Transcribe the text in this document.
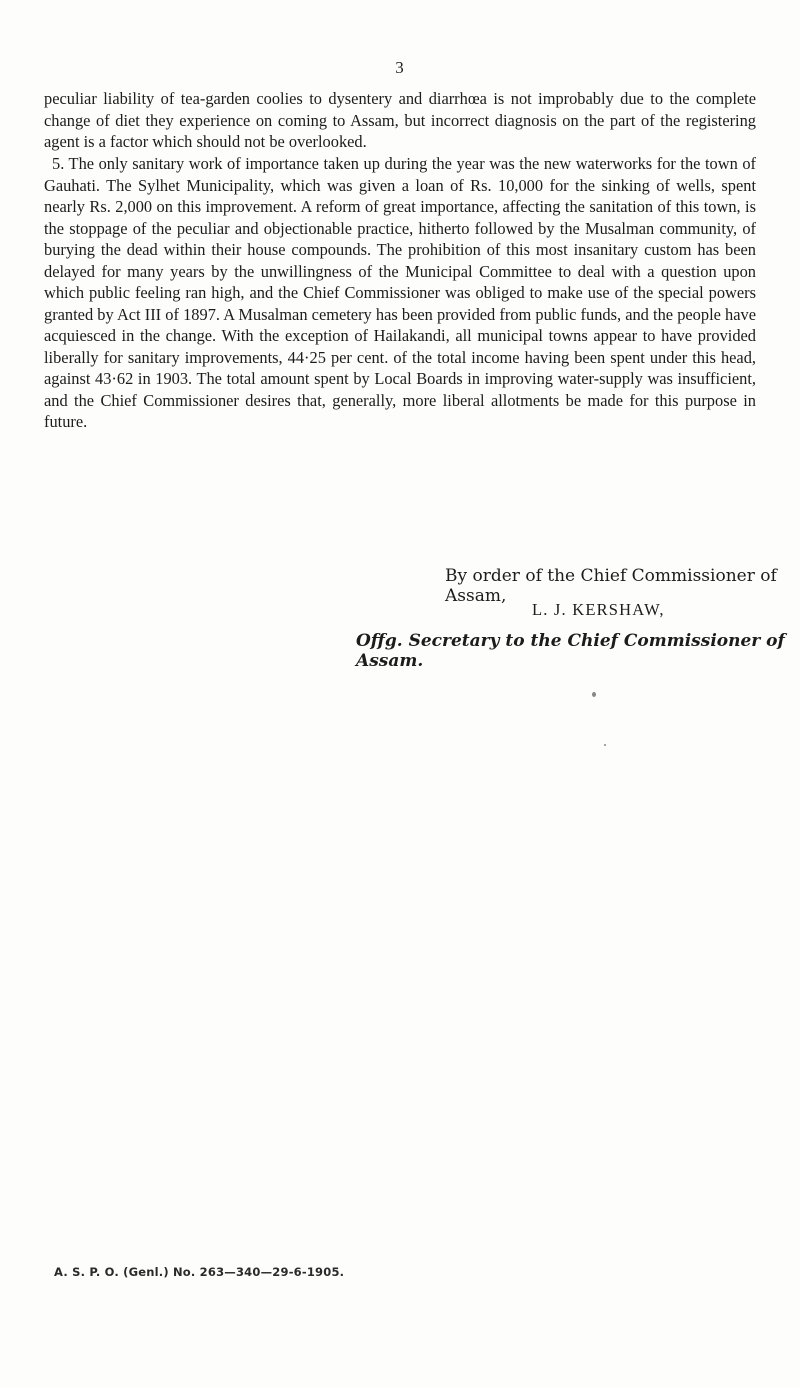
3

peculiar liability of tea-garden coolies to dysentery and diarrhœa is not improbably due to the complete change of diet they experience on coming to Assam, but incorrect diagnosis on the part of the registering agent is a factor which should not be overlooked.

5. The only sanitary work of importance taken up during the year was the new waterworks for the town of Gauhati. The Sylhet Municipality, which was given a loan of Rs. 10,000 for the sinking of wells, spent nearly Rs. 2,000 on this improvement. A reform of great importance, affecting the sanitation of this town, is the stoppage of the peculiar and objectionable practice, hitherto followed by the Musalman community, of burying the dead within their house compounds. The prohibition of this most insanitary custom has been delayed for many years by the unwillingness of the Municipal Committee to deal with a question upon which public feeling ran high, and the Chief Commissioner was obliged to make use of the special powers granted by Act III of 1897. A Musalman cemetery has been provided from public funds, and the people have acquiesced in the change. With the exception of Hailakandi, all municipal towns appear to have provided liberally for sanitary improvements, 44·25 per cent. of the total income having been spent under this head, against 43·62 in 1903. The total amount spent by Local Boards in improving water-supply was insufficient, and the Chief Commissioner desires that, generally, more liberal allotments be made for this purpose in future.

By order of the Chief Commissioner of Assam,
L. J. KERSHAW,
Offg. Secretary to the Chief Commissioner of Assam.
A. S. P. O. (Genl.) No. 263—340—29-6-1905.
